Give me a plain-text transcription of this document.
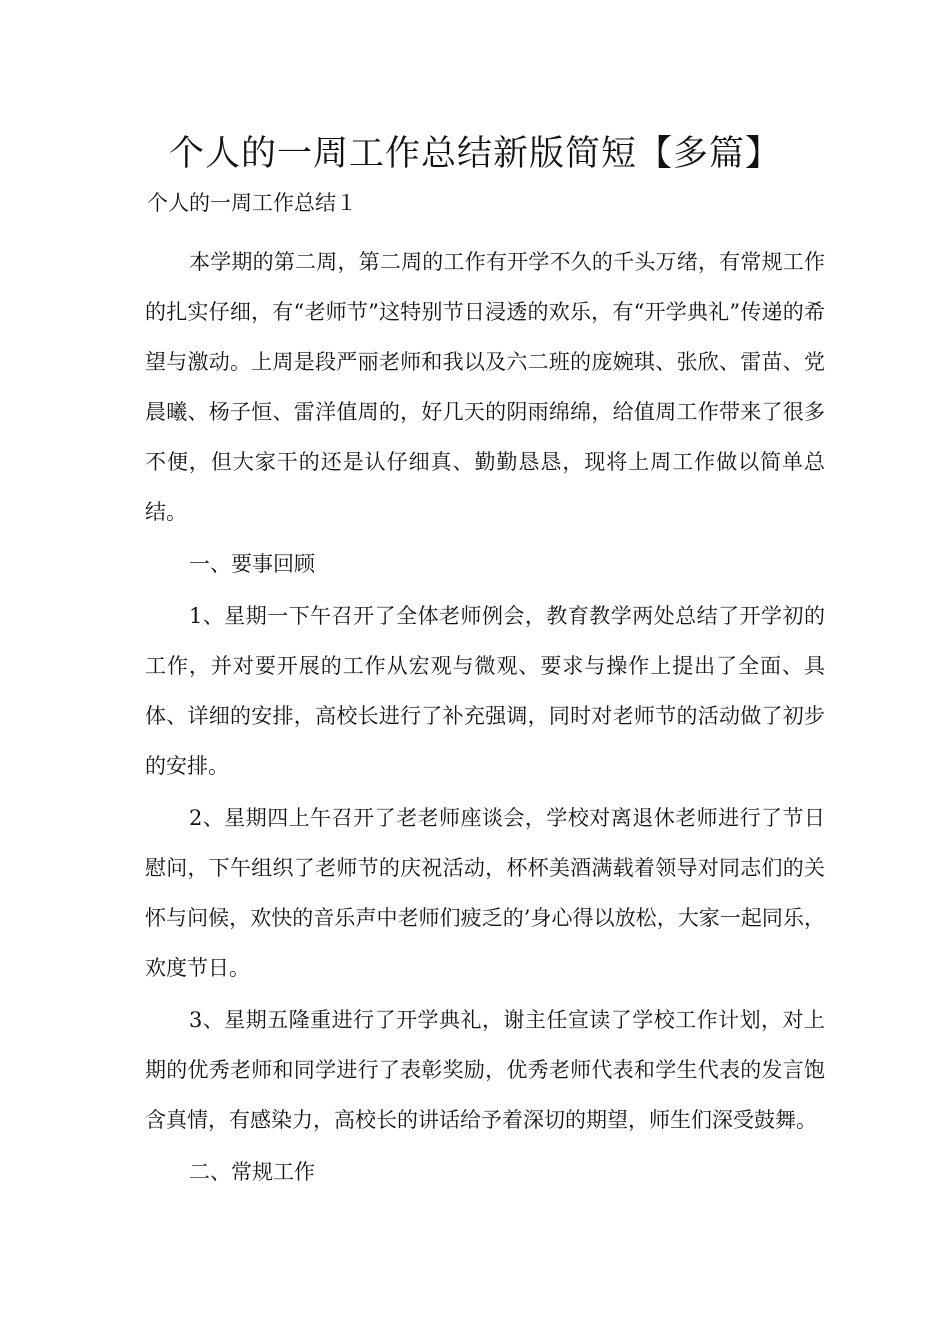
个人的一周工作总结新版简短【多篇】

个人的一周工作总结１

本学期的第二周，第二周的工作有开学不久的千头万绪，有常规工作的扎实仔细，有“老师节”这特别节日浸透的欢乐，有“开学典礼”传递的希望与激动。上周是段严丽老师和我以及六二班的庞婉琪、张欣、雷苗、党晨曦、杨子恒、雷洋值周的，好几天的阴雨绵绵，给值周工作带来了很多不便，但大家干的还是认仔细真、勤勤恳恳，现将上周工作做以简单总结。

一、要事回顾

1、星期一下午召开了全体老师例会，教育教学两处总结了开学初的工作，并对要开展的工作从宏观与微观、要求与操作上提出了全面、具体、详细的安排，高校长进行了补充强调，同时对老师节的活动做了初步的安排。

2、星期四上午召开了老老师座谈会，学校对离退休老师进行了节日慰问，下午组织了老师节的庆祝活动，杯杯美酒满载着领导对同志们的关怀与问候，欢快的音乐声中老师们疲乏的’身心得以放松，大家一起同乐，欢度节日。

3、星期五隆重进行了开学典礼，谢主任宣读了学校工作计划，对上期的优秀老师和同学进行了表彰奖励，优秀老师代表和学生代表的发言饱含真情，有感染力，高校长的讲话给予着深切的期望，师生们深受鼓舞。

二、常规工作
